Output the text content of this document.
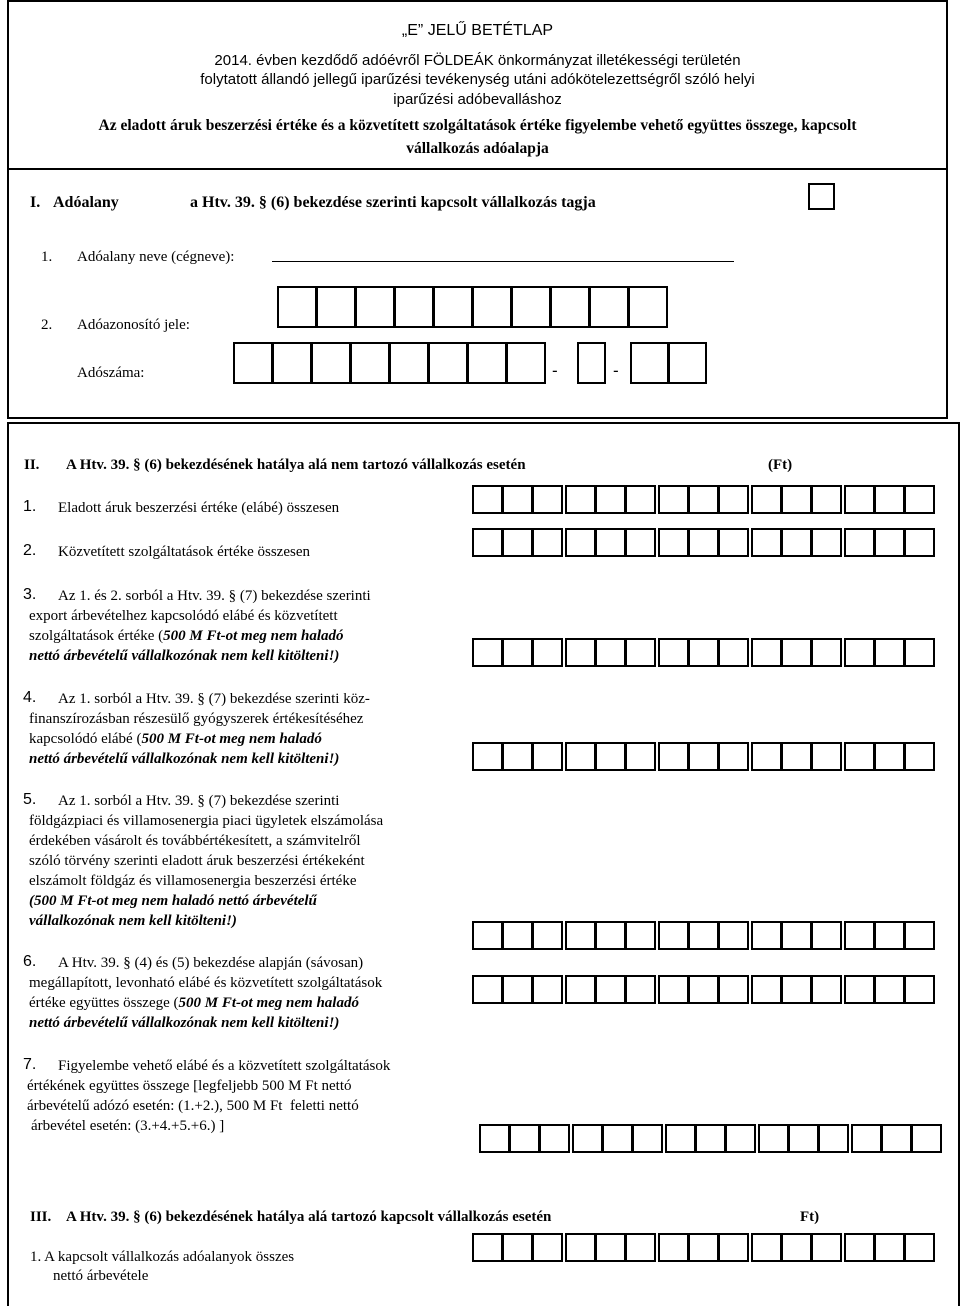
„E” JELŰ BETÉTLAP
2014. évben kezdődő adóévről FÖLDEÁK önkormányzat illetékességi területén
folytatott állandó jellegű iparűzési tevékenység utáni adókötelezettségről szóló helyi
iparűzési adóbevalláshoz
Az eladott áruk beszerzési értéke és a közvetített szolgáltatások értéke figyelembe vehető együttes összege, kapcsolt
vállalkozás adóalapja
I. Adóalany	a Htv. 39. § (6) bekezdése szerinti kapcsolt vállalkozás tagja
1. Adóalany neve (cégneve):
2. Adóazonosító jele:
Adószáma:	-	-
II. A Htv. 39. § (6) bekezdésének hatálya alá nem tartozó vállalkozás esetén	(Ft)
1. Eladott áruk beszerzési értéke (elábé) összesen
2. Közvetített szolgáltatások értéke összesen
3. Az 1. és 2. sorból a Htv. 39. § (7) bekezdése szerinti
export árbevételhez kapcsolódó elábé és közvetített
szolgáltatások értéke (500 M Ft-ot meg nem haladó
nettó árbevételű vállalkozónak nem kell kitölteni!)
4. Az 1. sorból a Htv. 39. § (7) bekezdése szerinti köz-
finanszírozásban részesülő gyógyszerek értékesítéséhez
kapcsolódó elábé (500 M Ft-ot meg nem haladó
nettó árbevételű vállalkozónak nem kell kitölteni!)
5. Az 1. sorból a Htv. 39. § (7) bekezdése szerinti
földgázpiaci és villamosenergia piaci ügyletek elszámolása
érdekében vásárolt és továbbértékesített, a számvitelről
szóló törvény szerinti eladott áruk beszerzési értékeként
elszámolt földgáz és villamosenergia beszerzési értéke
(500 M Ft-ot meg nem haladó nettó árbevételű
vállalkozónak nem kell kitölteni!)
6. A Htv. 39. § (4) és (5) bekezdése alapján (sávosan)
megállapított, levonható elábé és közvetített szolgáltatások
értéke együttes összege (500 M Ft-ot meg nem haladó
nettó árbevételű vállalkozónak nem kell kitölteni!)
7. Figyelembe vehető elábé és a közvetített szolgáltatások
értékének együttes összege [legfeljebb 500 M Ft nettó
árbevételű adózó esetén: (1.+2.), 500 M Ft  feletti nettó
árbevétel esetén: (3.+4.+5.+6.) ]
III. A Htv. 39. § (6) bekezdésének hatálya alá tartozó kapcsolt vállalkozás esetén	Ft)
1. A kapcsolt vállalkozás adóalanyok összes
nettó árbevétele
